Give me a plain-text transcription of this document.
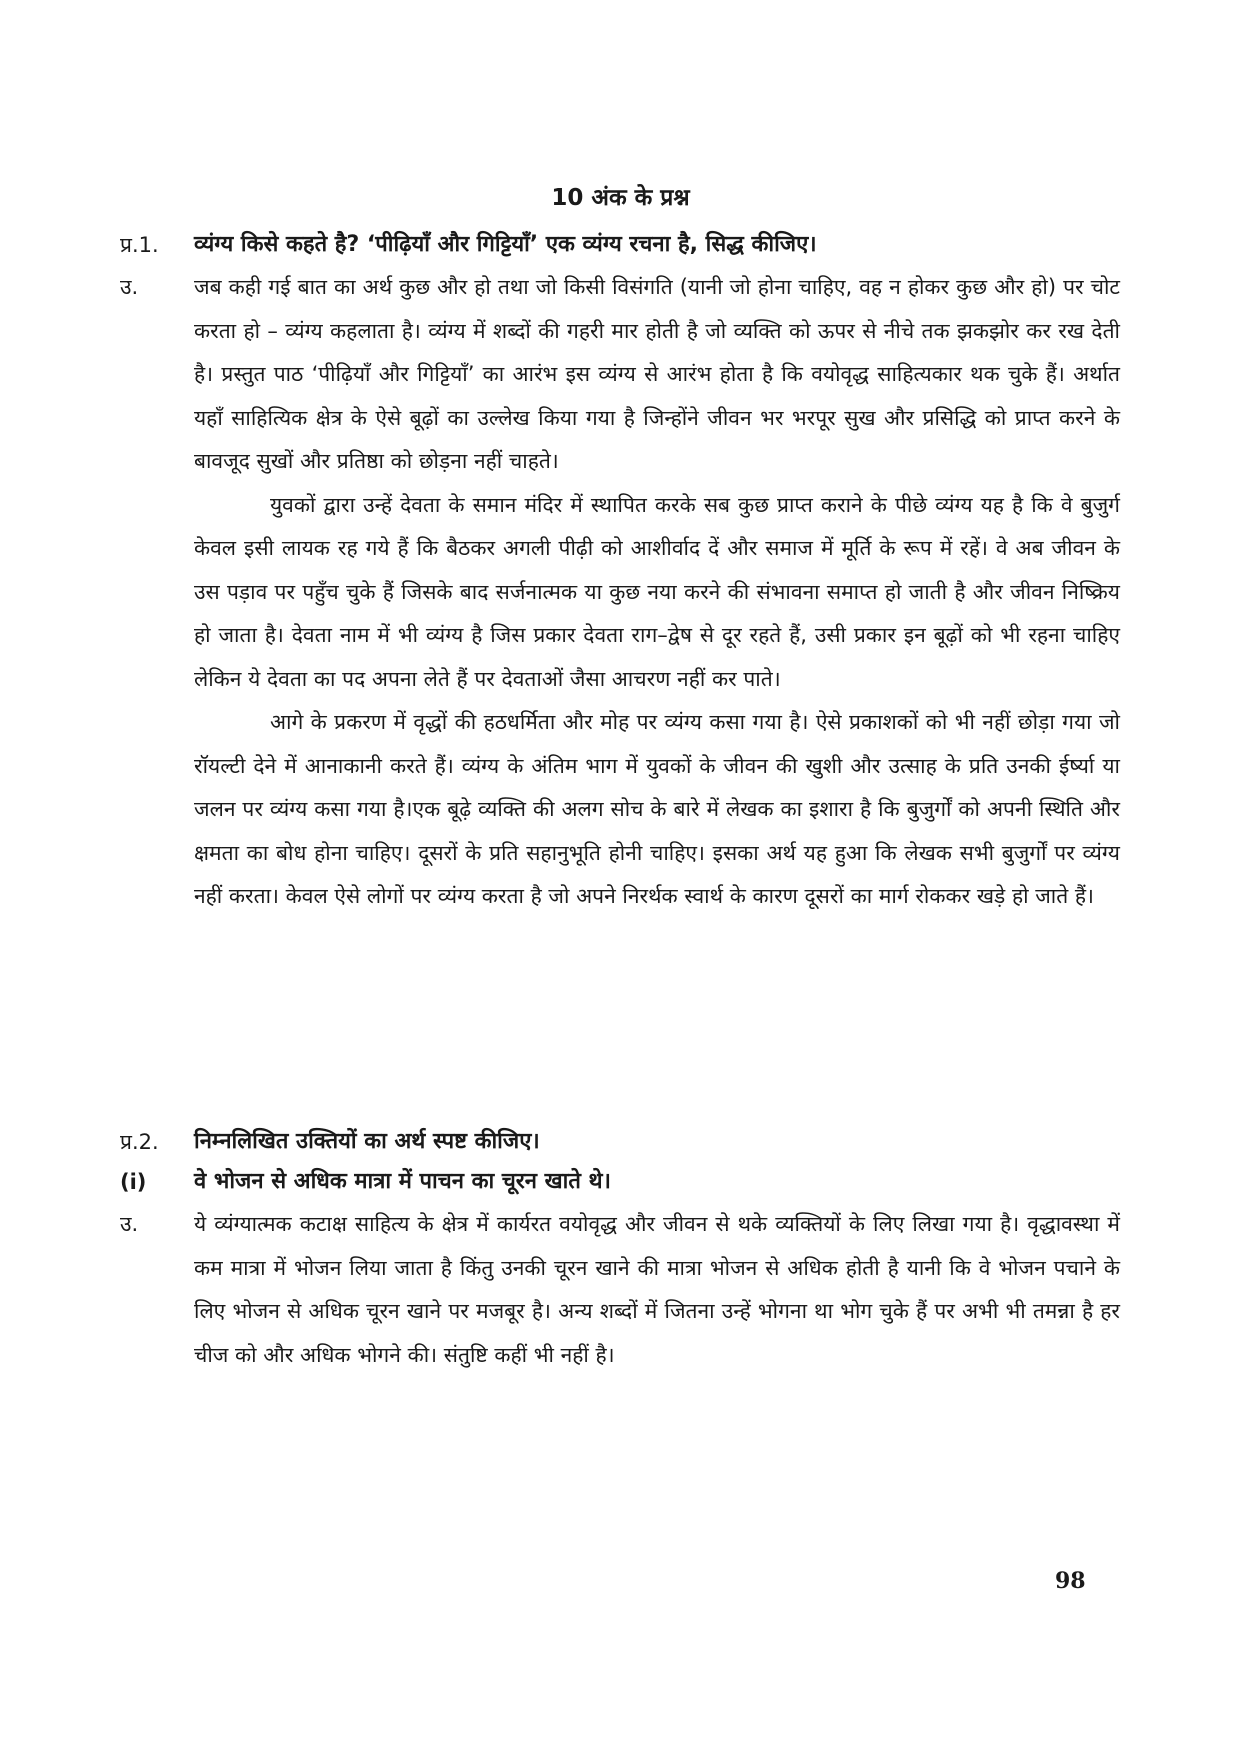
10 अंक के प्रश्न
प्र.1.	व्यंग्य किसे कहते है? ‘पीढ़ियाँ और गिट्टियाँ’ एक व्यंग्य रचना है, सिद्ध कीजिए।
उ.	जब कही गई बात का अर्थ कुछ और हो तथा जो किसी विसंगति (यानी जो होना चाहिए, वह न होकर कुछ और हो) पर चोट करता हो – व्यंग्य कहलाता है। व्यंग्य में शब्दों की गहरी मार होती है जो व्यक्ति को ऊपर से नीचे तक झकझोर कर रख देती है। प्रस्तुत पाठ ‘पीढ़ियाँ और गिट्टियाँ’ का आरंभ इस व्यंग्य से आरंभ होता है कि वयोवृद्ध साहित्यकार थक चुके हैं। अर्थात यहाँ साहित्यिक क्षेत्र के ऐसे बूढ़ों का उल्लेख किया गया है जिन्होंने जीवन भर भरपूर सुख और प्रसिद्धि को प्राप्त करने के बावजूद सुखों और प्रतिष्ठा को छोड़ना नहीं चाहते।

युवकों द्वारा उन्हें देवता के समान मंदिर में स्थापित करके सब कुछ प्राप्त कराने के पीछे व्यंग्य यह है कि वे बुजुर्ग केवल इसी लायक रह गये हैं कि बैठकर अगली पीढ़ी को आशीर्वाद दें और समाज में मूर्ति के रूप में रहें। वे अब जीवन के उस पड़ाव पर पहुँच चुके हैं जिसके बाद सर्जनात्मक या कुछ नया करने की संभावना समाप्त हो जाती है और जीवन निष्क्रिय हो जाता है। देवता नाम में भी व्यंग्य है जिस प्रकार देवता राग–द्वेष से दूर रहते हैं, उसी प्रकार इन बूढ़ों को भी रहना चाहिए लेकिन ये देवता का पद अपना लेते हैं पर देवताओं जैसा आचरण नहीं कर पाते।

आगे के प्रकरण में वृद्धों की हठधर्मिता और मोह पर व्यंग्य कसा गया है। ऐसे प्रकाशकों को भी नहीं छोड़ा गया जो रॉयल्टी देने में आनाकानी करते हैं। व्यंग्य के अंतिम भाग में युवकों के जीवन की खुशी और उत्साह के प्रति उनकी ईर्ष्या या जलन पर व्यंग्य कसा गया है।एक बूढ़े व्यक्ति की अलग सोच के बारे में लेखक का इशारा है कि बुजुर्गों को अपनी स्थिति और क्षमता का बोध होना चाहिए। दूसरों के प्रति सहानुभूति होनी चाहिए। इसका अर्थ यह हुआ कि लेखक सभी बुजुर्गों पर व्यंग्य नहीं करता। केवल ऐसे लोगों पर व्यंग्य करता है जो अपने निरर्थक स्वार्थ के कारण दूसरों का मार्ग रोककर खड़े हो जाते हैं।

प्र.2.	निम्नलिखित उक्तियों का अर्थ स्पष्ट कीजिए।
(i)	वे भोजन से अधिक मात्रा में पाचन का चूरन खाते थे।
उ.	ये व्यंग्यात्मक कटाक्ष साहित्य के क्षेत्र में कार्यरत वयोवृद्ध और जीवन से थके व्यक्तियों के लिए लिखा गया है। वृद्धावस्था में कम मात्रा में भोजन लिया जाता है किंतु उनकी चूरन खाने की मात्रा भोजन से अधिक होती है यानी कि वे भोजन पचाने के लिए भोजन से अधिक चूरन खाने पर मजबूर है। अन्य शब्दों में जितना उन्हें भोगना था भोग चुके हैं पर अभी भी तमन्ना है हर चीज को और अधिक भोगने की। संतुष्टि कहीं भी नहीं है।

98
